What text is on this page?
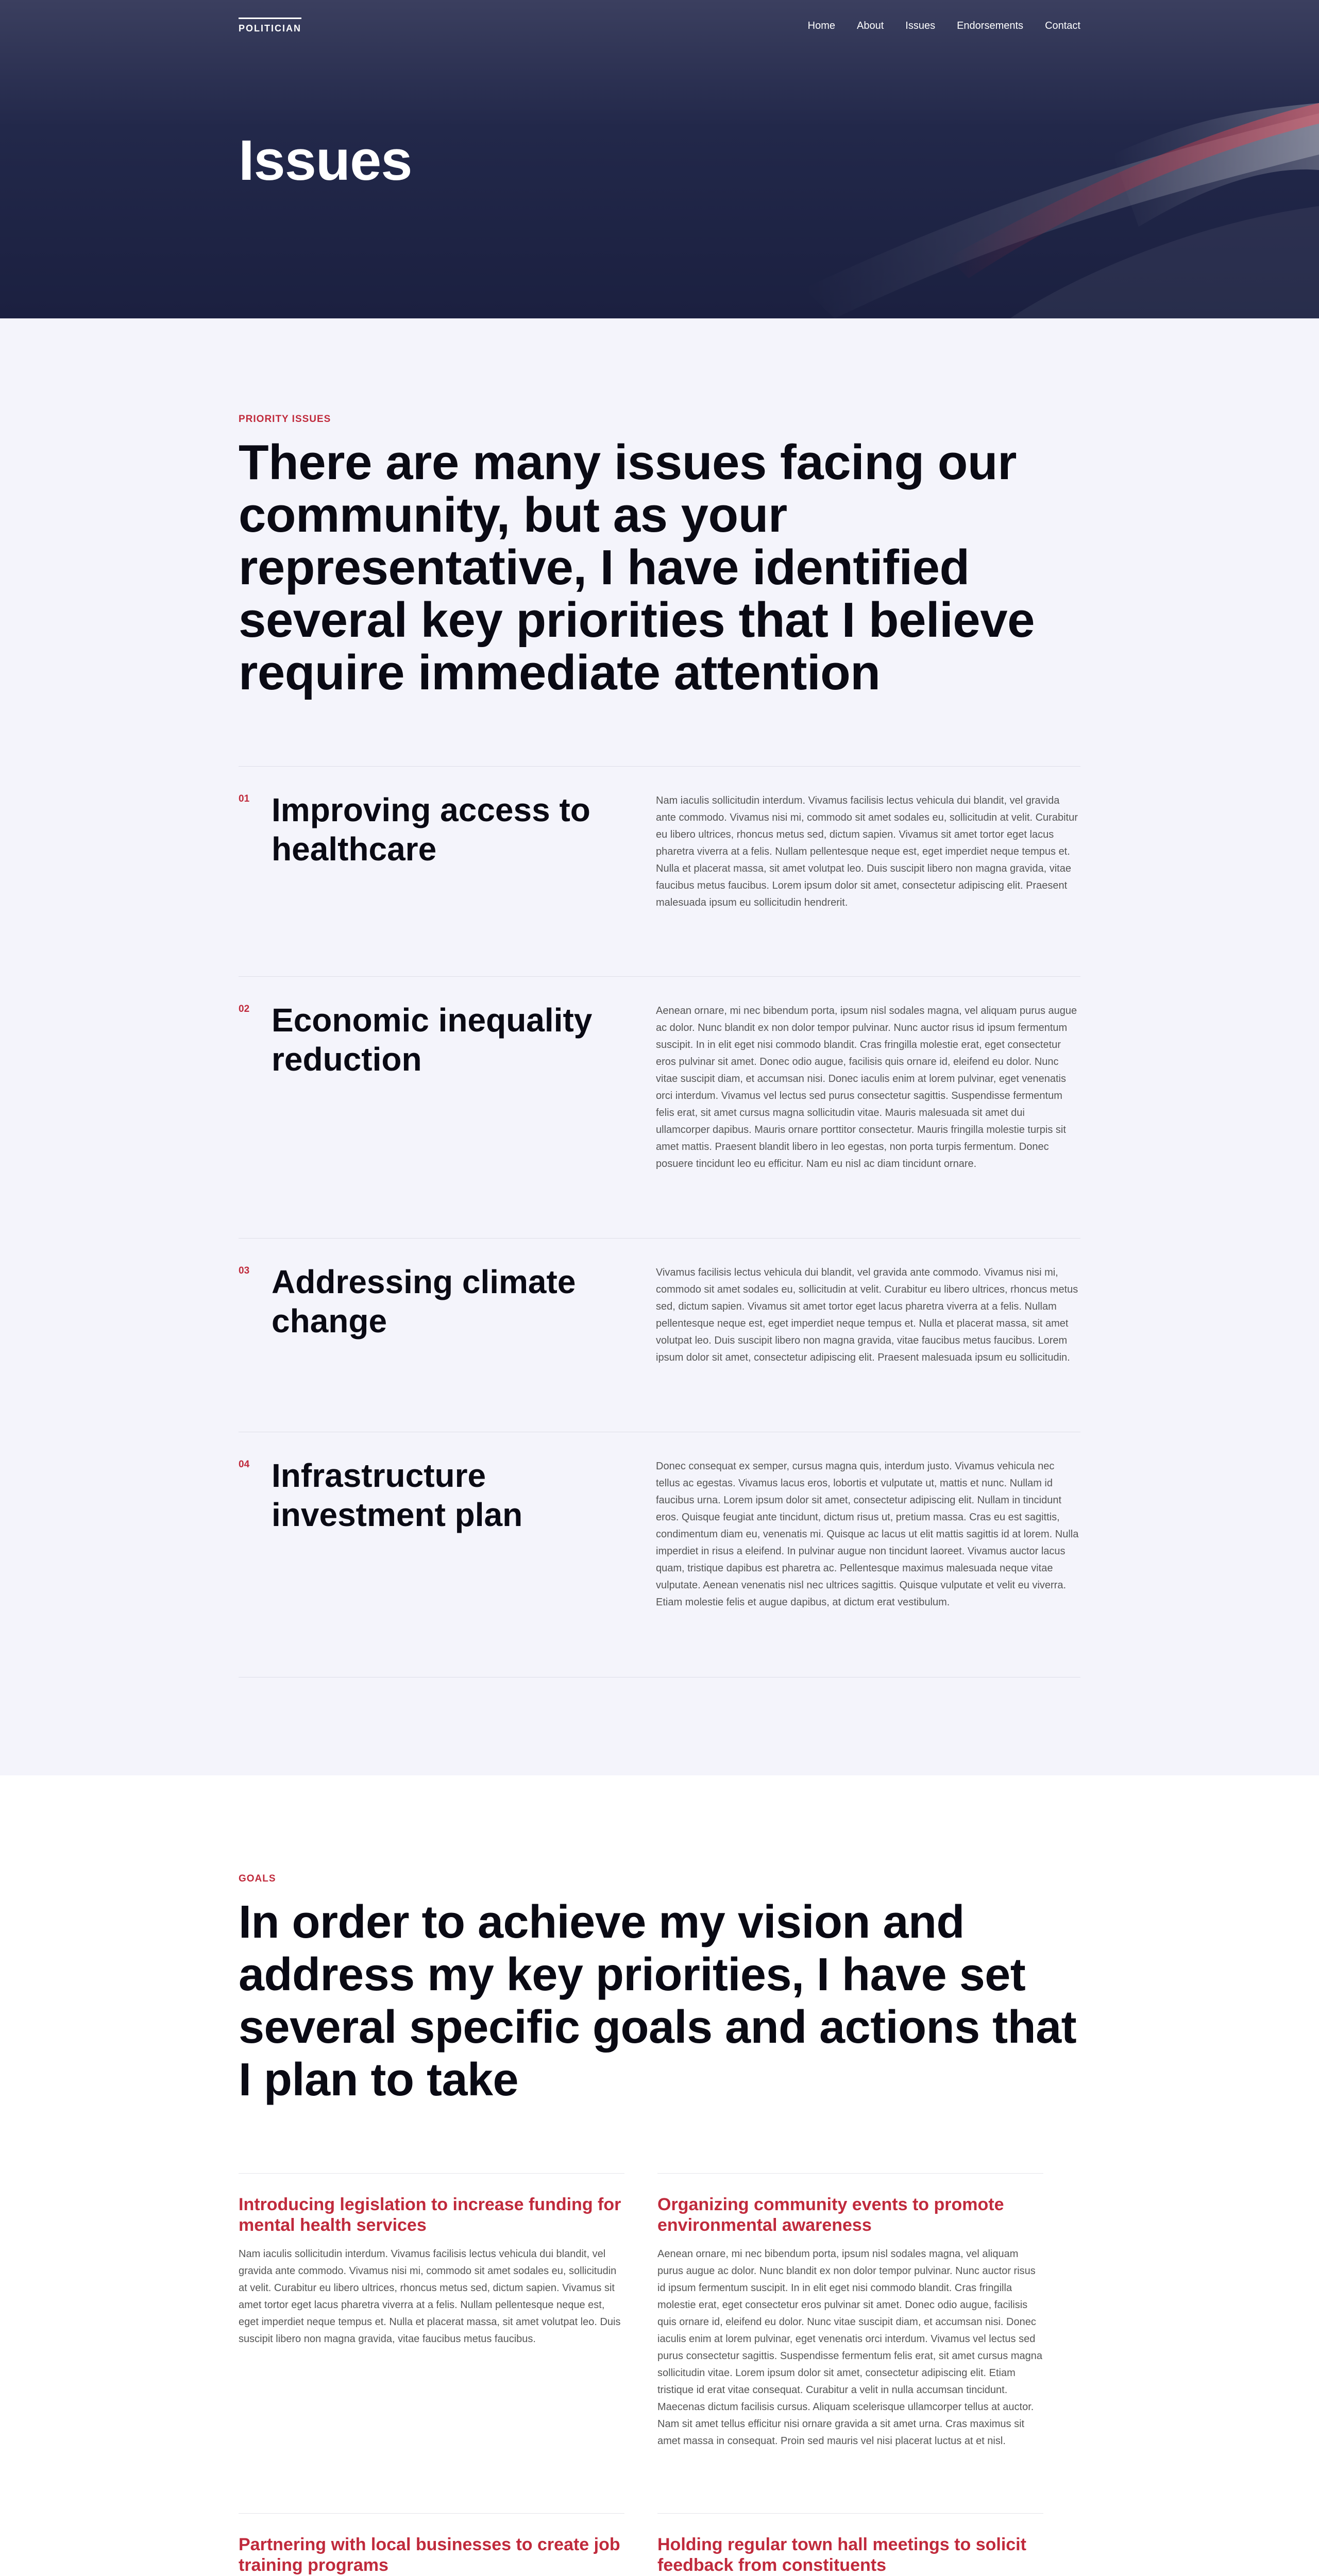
POLITICIAN	Home About Issues Endorsements Contact
Issues
PRIORITY ISSUES
There are many issues facing our community, but as your representative, I have identified several key priorities that I believe require immediate attention
01 Improving access to healthcare
Nam iaculis sollicitudin interdum. Vivamus facilisis lectus vehicula dui blandit, vel gravida ante commodo. Vivamus nisi mi, commodo sit amet sodales eu, sollicitudin at velit. Curabitur eu libero ultrices, rhoncus metus sed, dictum sapien. Vivamus sit amet tortor eget lacus pharetra viverra at a felis. Nullam pellentesque neque est, eget imperdiet neque tempus et. Nulla et placerat massa, sit amet volutpat leo. Duis suscipit libero non magna gravida, vitae faucibus metus faucibus. Lorem ipsum dolor sit amet, consectetur adipiscing elit. Praesent malesuada ipsum eu sollicitudin hendrerit.
02 Economic inequality reduction
Aenean ornare, mi nec bibendum porta, ipsum nisl sodales magna, vel aliquam purus augue ac dolor. Nunc blandit ex non dolor tempor pulvinar. Nunc auctor risus id ipsum fermentum suscipit. In in elit eget nisi commodo blandit. Cras fringilla molestie erat, eget consectetur eros pulvinar sit amet. Donec odio augue, facilisis quis ornare id, eleifend eu dolor. Nunc vitae suscipit diam, et accumsan nisi. Donec iaculis enim at lorem pulvinar, eget venenatis orci interdum. Vivamus vel lectus sed purus consectetur sagittis. Suspendisse fermentum felis erat, sit amet cursus magna sollicitudin vitae. Mauris malesuada sit amet dui ullamcorper dapibus. Mauris ornare porttitor consectetur. Mauris fringilla molestie turpis sit amet mattis. Praesent blandit libero in leo egestas, non porta turpis fermentum. Donec posuere tincidunt leo eu efficitur. Nam eu nisl ac diam tincidunt ornare.
03 Addressing climate change
Vivamus facilisis lectus vehicula dui blandit, vel gravida ante commodo. Vivamus nisi mi, commodo sit amet sodales eu, sollicitudin at velit. Curabitur eu libero ultrices, rhoncus metus sed, dictum sapien. Vivamus sit amet tortor eget lacus pharetra viverra at a felis. Nullam pellentesque neque est, eget imperdiet neque tempus et. Nulla et placerat massa, sit amet volutpat leo. Duis suscipit libero non magna gravida, vitae faucibus metus faucibus. Lorem ipsum dolor sit amet, consectetur adipiscing elit. Praesent malesuada ipsum eu sollicitudin.
04 Infrastructure investment plan
Donec consequat ex semper, cursus magna quis, interdum justo. Vivamus vehicula nec tellus ac egestas. Vivamus lacus eros, lobortis et vulputate ut, mattis et nunc. Nullam id faucibus urna. Lorem ipsum dolor sit amet, consectetur adipiscing elit. Nullam in tincidunt eros. Quisque feugiat ante tincidunt, dictum risus ut, pretium massa. Cras eu est sagittis, condimentum diam eu, venenatis mi. Quisque ac lacus ut elit mattis sagittis id at lorem. Nulla imperdiet in risus a eleifend. In pulvinar augue non tincidunt laoreet. Vivamus auctor lacus quam, tristique dapibus est pharetra ac. Pellentesque maximus malesuada neque vitae vulputate. Aenean venenatis nisl nec ultrices sagittis. Quisque vulputate et velit eu viverra. Etiam molestie felis et augue dapibus, at dictum erat vestibulum.
GOALS
In order to achieve my vision and address my key priorities, I have set several specific goals and actions that I plan to take
Introducing legislation to increase funding for mental health services

Nam iaculis sollicitudin interdum. Vivamus facilisis lectus vehicula dui blandit, vel gravida ante commodo. Vivamus nisi mi, commodo sit amet sodales eu, sollicitudin at velit. Curabitur eu libero ultrices, rhoncus metus sed, dictum sapien. Vivamus sit amet tortor eget lacus pharetra viverra at a felis. Nullam pellentesque neque est, eget imperdiet neque tempus et. Nulla et placerat massa, sit amet volutpat leo. Duis suscipit libero non magna gravida, vitae faucibus metus faucibus.

Organizing community events to promote environmental awareness

Aenean ornare, mi nec bibendum porta, ipsum nisl sodales magna, vel aliquam purus augue ac dolor. Nunc blandit ex non dolor tempor pulvinar. Nunc auctor risus id ipsum fermentum suscipit. In in elit eget nisi commodo blandit. Cras fringilla molestie erat, eget consectetur eros pulvinar sit amet. Donec odio augue, facilisis quis ornare id, eleifend eu dolor. Nunc vitae suscipit diam, et accumsan nisi. Donec iaculis enim at lorem pulvinar, eget venenatis orci interdum. Vivamus vel lectus sed purus consectetur sagittis. Suspendisse fermentum felis erat, sit amet cursus magna sollicitudin vitae. Lorem ipsum dolor sit amet, consectetur adipiscing elit. Etiam tristique id erat vitae consequat. Curabitur a velit in nulla accumsan tincidunt. Maecenas dictum facilisis cursus. Aliquam scelerisque ullamcorper tellus at auctor. Nam sit amet tellus efficitur nisi ornare gravida a sit amet urna. Cras maximus sit amet massa in consequat. Proin sed mauris vel nisi placerat luctus at et nisl.

Partnering with local businesses to create job training programs

Holding regular town hall meetings to solicit feedback from constituents
